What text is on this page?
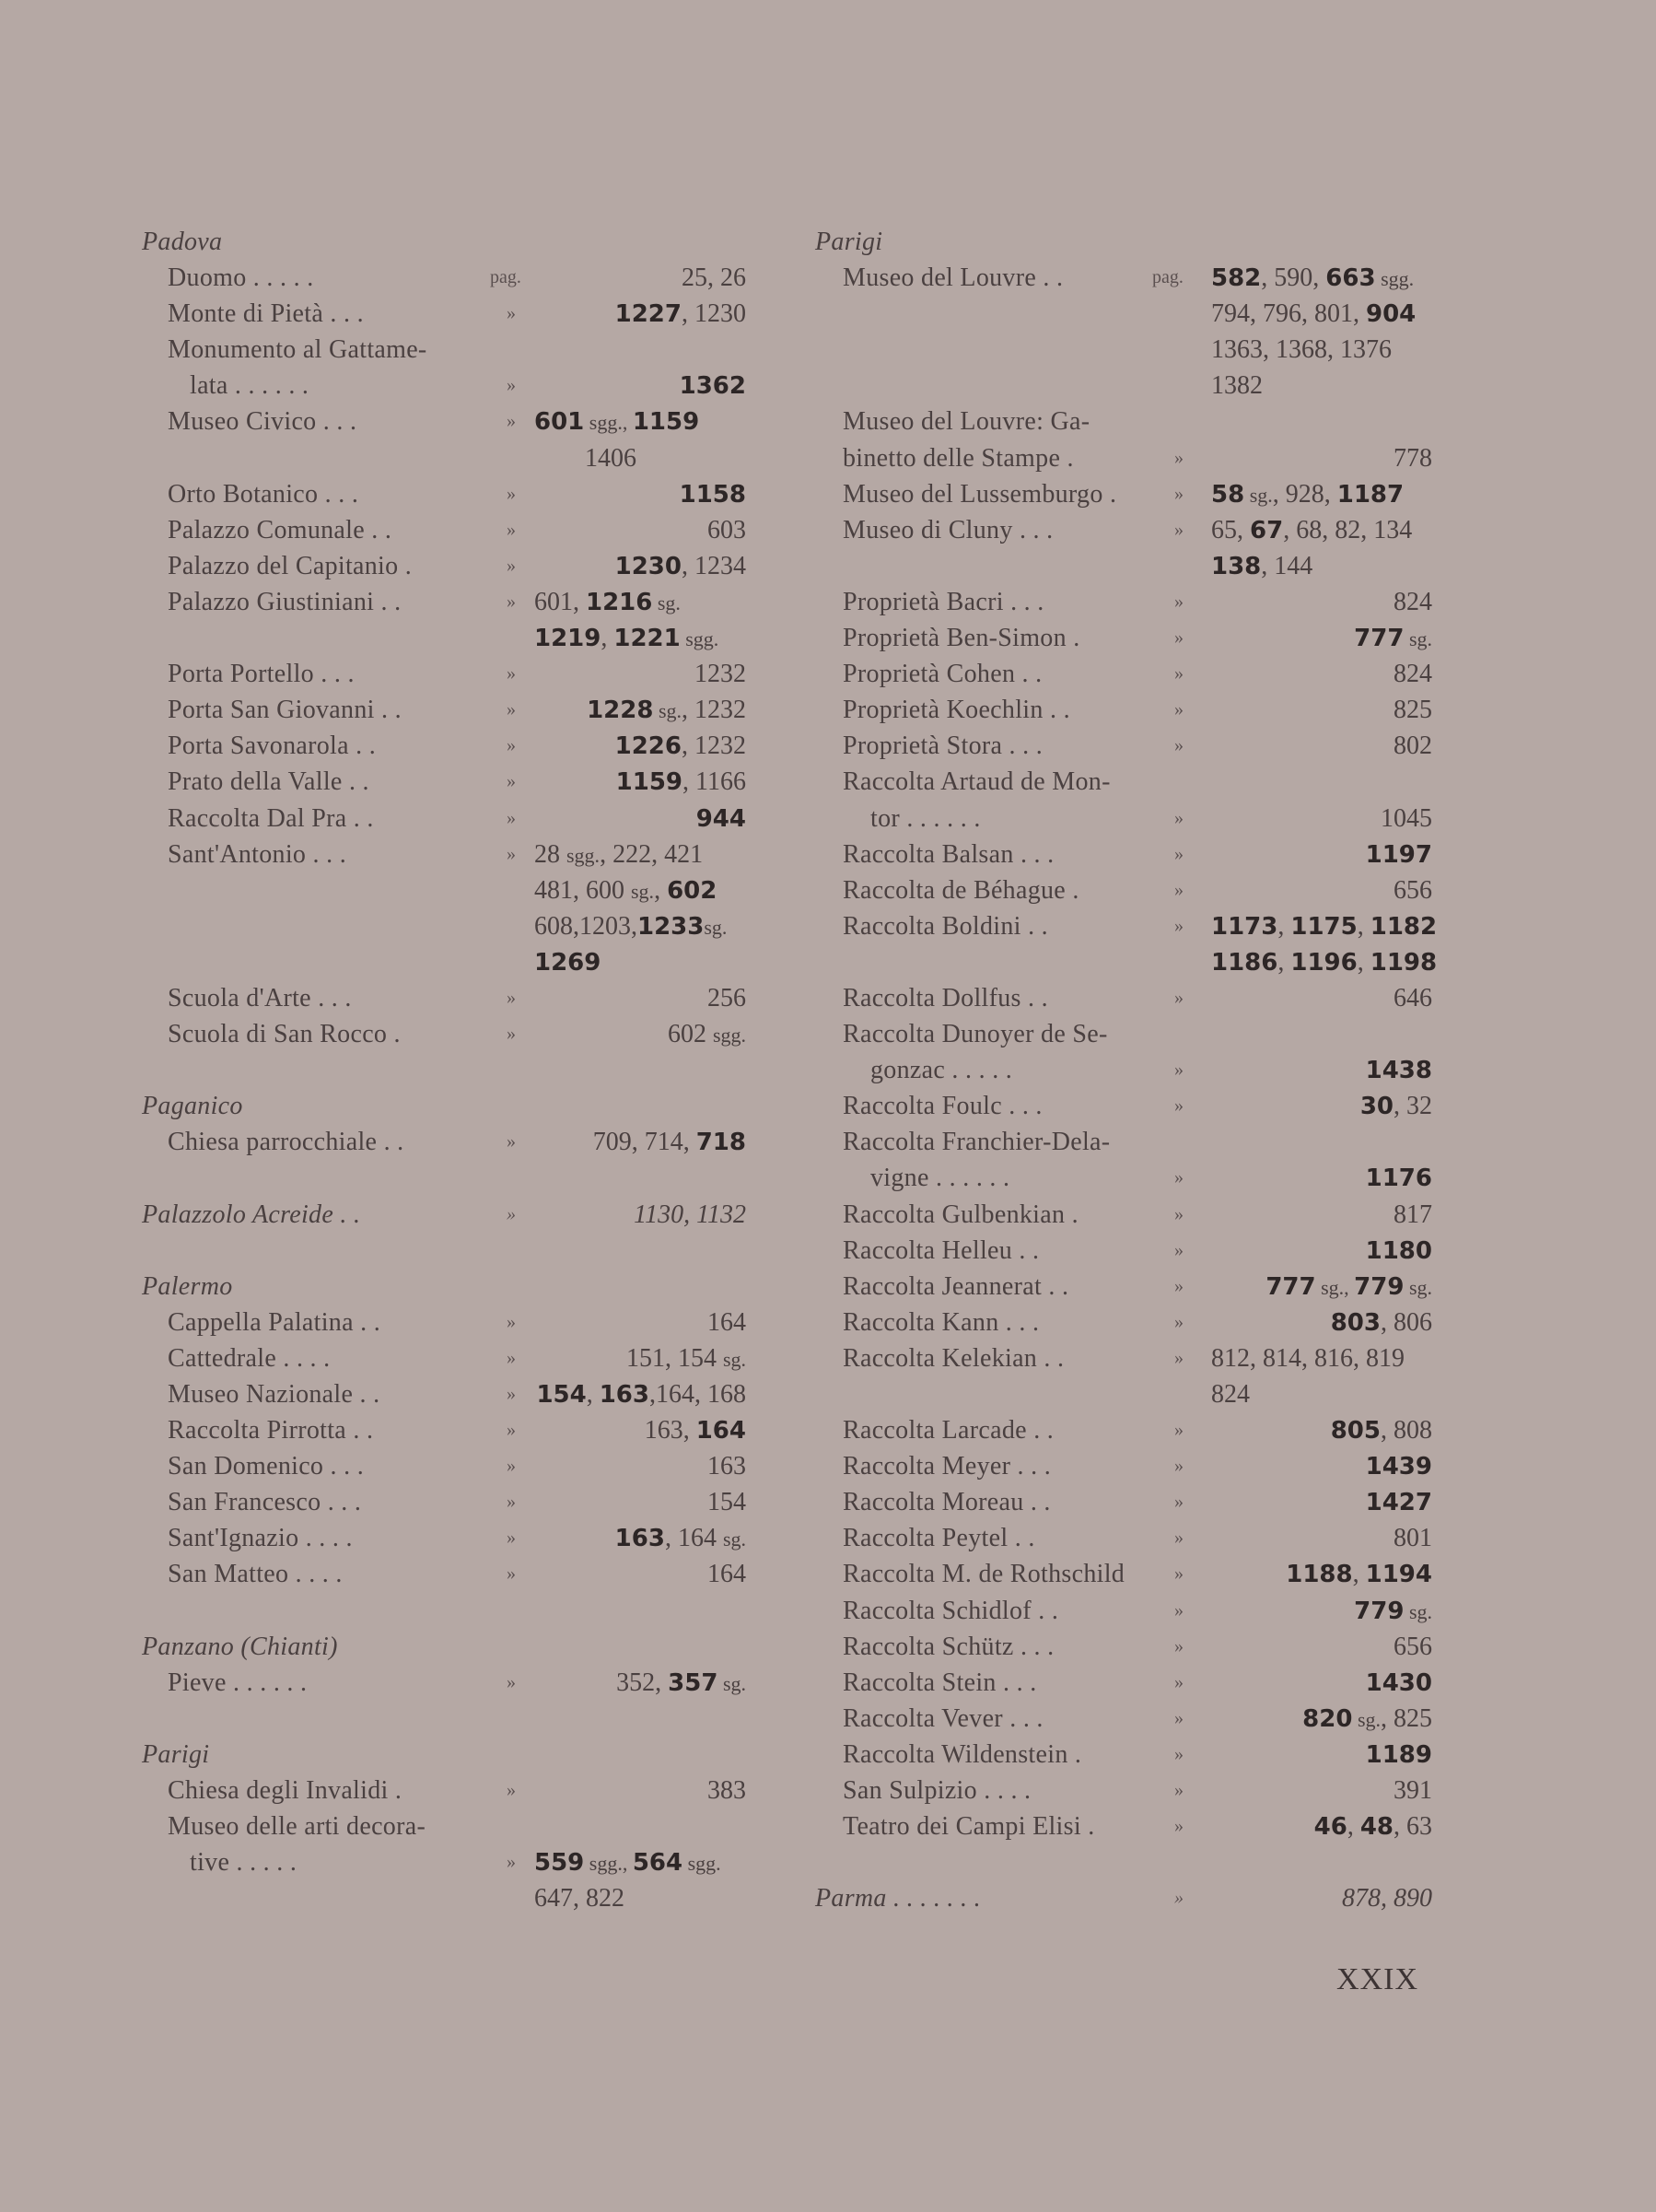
Padova
Duomo . . . . .	pag.	25, 26
Monte di Pietà . . .	»	1227, 1230
Monumento al Gattame-
lata . . . . . .	»	1362
Museo Civico . . .	» 601 sgg., 1159
1406
Orto Botanico . . .	»	1158
Palazzo Comunale . .	»	603
Palazzo del Capitanio .	»	1230, 1234
Palazzo Giustiniani . .	» 601, 1216 sg.
1219, 1221 sgg.
Porta Portello . . .	»	1232
Porta San Giovanni . .	»	1228 sg., 1232
Porta Savonarola . .	»	1226, 1232
Prato della Valle . .	»	1159, 1166
Raccolta Dal Pra . .	»	944
Sant'Antonio . . .	» 28 sgg., 222, 421
481, 600 sg., 602
608,1203,1233sg.
1269
Scuola d'Arte . . .	»	256
Scuola di San Rocco .	»	602 sgg.
Paganico
Chiesa parrocchiale . .	»	709, 714, 718
Palazzolo Acreide . .	»	1130, 1132
Palermo
Cappella Palatina . .	»	164
Cattedrale . . . .	»	151, 154 sg.
Museo Nazionale . .	» 154, 163,164, 168
Raccolta Pirrotta . .	»	163, 164
San Domenico . . .	»	163
San Francesco . . .	»	154
Sant'Ignazio . . . .	»	163, 164 sg.
San Matteo . . . .	»	164
Panzano (Chianti)
Pieve . . . . . .	»	352, 357 sg.
Parigi
Chiesa degli Invalidi .	»	383
Museo delle arti decora-
tive . . . . .	» 559 sgg., 564 sgg.
647, 822
Parigi
Museo del Louvre . .	pag. 582, 590, 663 sgg.
794, 796, 801, 904
1363, 1368, 1376
1382
Museo del Louvre: Ga-
binetto delle Stampe .	»	778
Museo del Lussemburgo .	» 58 sg., 928, 1187
Museo di Cluny . . .	» 65, 67, 68, 82, 134
138, 144
Proprietà Bacri . . .	»	824
Proprietà Ben-Simon .	»	777 sg.
Proprietà Cohen . .	»	824
Proprietà Koechlin . .	»	825
Proprietà Stora . . .	»	802
Raccolta Artaud de Mon-
tor . . . . . .	»	1045
Raccolta Balsan . . .	»	1197
Raccolta de Béhague .	»	656
Raccolta Boldini . .	» 1173, 1175, 1182
1186, 1196, 1198
Raccolta Dollfus . .	»	646
Raccolta Dunoyer de Se-
gonzac . . . . .	»	1438
Raccolta Foulc . . .	»	30, 32
Raccolta Franchier-Dela-
vigne . . . . . .	»	1176
Raccolta Gulbenkian .	»	817
Raccolta Helleu . .	»	1180
Raccolta Jeannerat . .	»	777 sg., 779 sg.
Raccolta Kann . . .	»	803, 806
Raccolta Kelekian . .	» 812, 814, 816, 819
824
Raccolta Larcade . .	»	805, 808
Raccolta Meyer . . .	»	1439
Raccolta Moreau . .	»	1427
Raccolta Peytel . .	»	801
Raccolta M. de Rothschild	»	1188, 1194
Raccolta Schidlof . .	»	779 sg.
Raccolta Schütz . . .	»	656
Raccolta Stein . . .	»	1430
Raccolta Vever . . .	»	820 sg., 825
Raccolta Wildenstein .	»	1189
San Sulpizio . . . .	»	391
Teatro dei Campi Elisi .	»	46, 48, 63
Parma . . . . . . .	»	878, 890
XXIX
